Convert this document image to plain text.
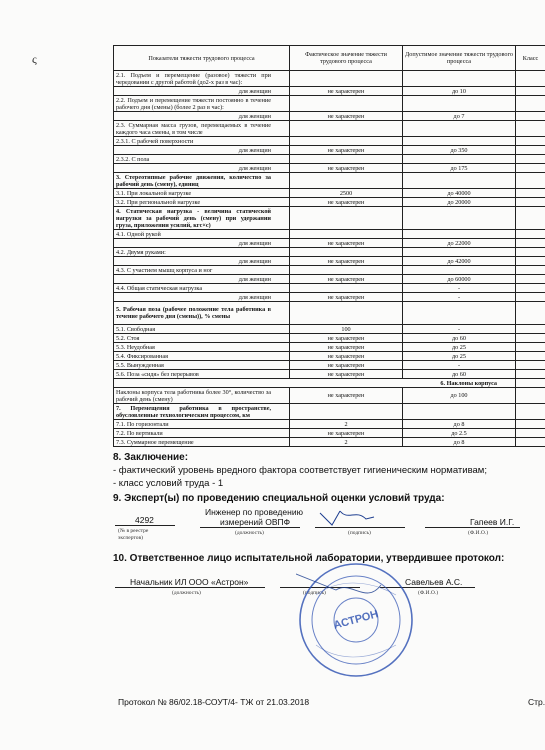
ς	Показатели тяжести трудового процесса	Фактическое значение тяжести трудового процесса	Допустимое значение тяжести трудового процесса	Класс
2.1. Подъем и перемещение (разовое) тяжести при чередовании с другой работой (до2-х раз в час):			
для женщин	не характерен	до 10	
2.2. Подъем и перемещение тяжести постоянно в течение рабочего дня (смены) (более 2 раз в час):			
для женщин	не характерен	до 7	
2.3. Суммарная масса грузов, перемещаемых в течение каждого часа смены, в том числе			
2.3.1. С рабочей поверхности			
для женщин	не характерен	до 350	
2.3.2. С пола			
для женщин	не характерен	до 175	
3. Стереотипные рабочие движения, количество за рабочий день (смену), единиц			
3.1. При локальной нагрузке	2500	до 40000	
3.2. При региональной нагрузке	не характерен	до 20000	
4. Статическая нагрузка - величина статической нагрузки за рабочий день (смену) при удержании груза, приложении усилий, кгс×с)			
4.1. Одной рукой			
для женщин	не характерен	до 22000	
4.2. Двумя руками:			
для женщин	не характерен	до 42000	
4.3. С участием мышц корпуса и ног			
для женщин	не характерен	до 60000	
4.4. Общая статическая нагрузка		-	
для женщин	не характерен	-	
5. Рабочая поза (рабочее положение тела работника в течение рабочего дня (смены)), % смены			
5.1. Свободная	100	-	
5.2. Стоя	не характерен	до 60	
5.3. Неудобная	не характерен	до 25	
5.4. Фиксированная	не характерен	до 25	
5.5. Вынужденная	не характерен	-	
5.6. Поза «сидя» без перерывов	не характерен	до 60	
6. Наклоны корпуса			
Наклоны корпуса тела работника более 30°, количество за рабочий день (смену)	не характерен	до 100	
7. Перемещения работника в пространстве, обусловленные технологическим процессом, км			
7.1. По горизонтали	2	до 8	
7.2. По вертикали	не характерен	до 2.5	
7.3. Суммарное перемещение	2	до 8	
8. Заключение:
- фактический уровень вредного фактора соответствует гигиеническим нормативам;
- класс условий труда - 1
9. Эксперт(ы) по проведению специальной оценки условий труда:
4292
(№ в реестре экспертов)
Инженер по проведению
измерений ОВПФ
(должность)	(подпись)
Гапеев И.Г.
(Ф.И.О.)
10. Ответственное лицо испытательной лаборатории, утвердившее протокол:
Начальник ИЛ ООО «Астрон»
(должность)	(подпись)
Савельев А.С.
(Ф.И.О.)
АСТРОН
Протокол № 86/02.18-СОУТ/4- ТЖ от 21.03.2018	Стр.
